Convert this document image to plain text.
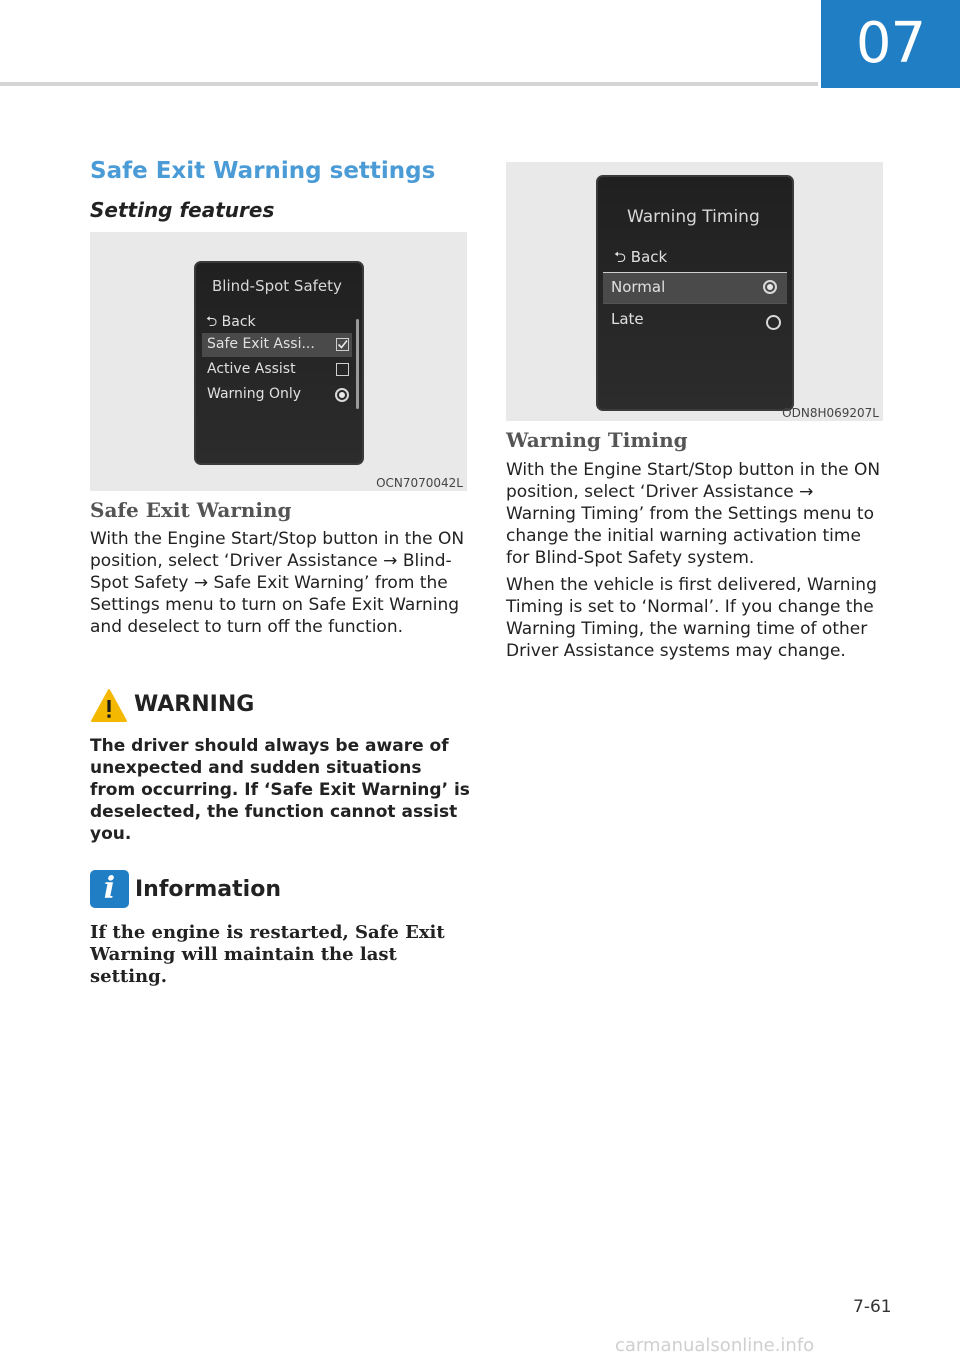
07
Safe Exit Warning settings
Setting features
Blind-Spot Safety
⮌ Back
Safe Exit Assi...
Active Assist
Warning Only
OCN7070042L
Safe Exit Warning

With the Engine Start/Stop button in the ON position, select ‘Driver Assistance → Blind-Spot Safety → Safe Exit Warning’ from the Settings menu to turn on Safe Exit Warning and deselect to turn off the function.

WARNING

The driver should always be aware of unexpected and sudden situations from occurring. If ‘Safe Exit Warning’ is deselected, the function cannot assist you.

i Information

If the engine is restarted, Safe Exit Warning will maintain the last setting.

Warning Timing
⮌ Back
Normal
Late
ODN8H069207L
Warning Timing

With the Engine Start/Stop button in the ON position, select ‘Driver Assistance → Warning Timing’ from the Settings menu to change the initial warning activation time for Blind-Spot Safety system.

When the vehicle is first delivered, Warning Timing is set to ‘Normal’. If you change the Warning Timing, the warning time of other Driver Assistance systems may change.

7-61
carmanualsonline.info
